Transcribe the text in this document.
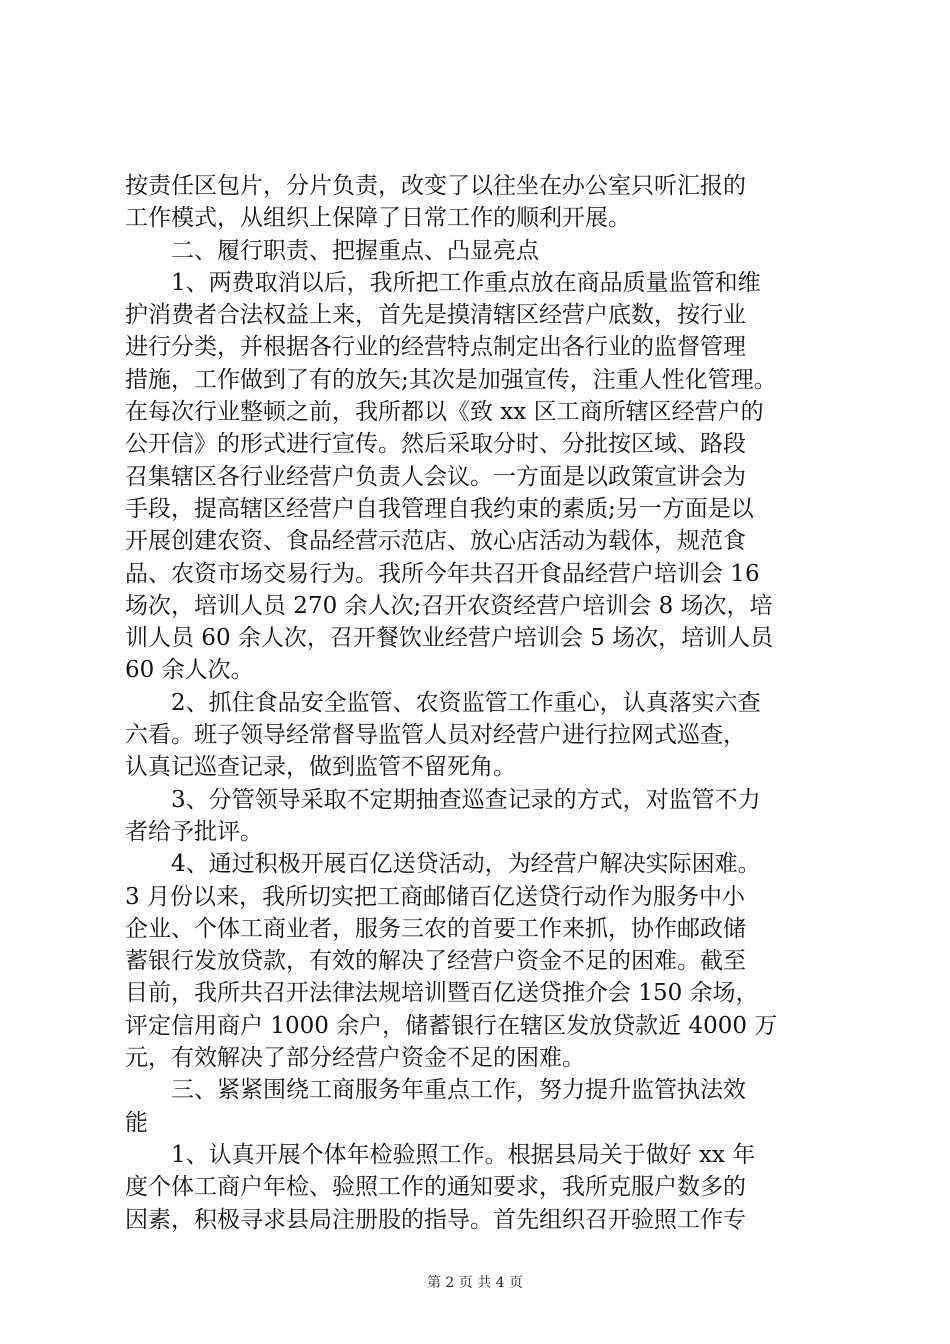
按责任区包片，分片负责，改变了以往坐在办公室只听汇报的
工作模式，从组织上保障了日常工作的顺利开展。
　　二、履行职责、把握重点、凸显亮点
　　1、两费取消以后，我所把工作重点放在商品质量监管和维
护消费者合法权益上来，首先是摸清辖区经营户底数，按行业
进行分类，并根据各行业的经营特点制定出各行业的监督管理
措施，工作做到了有的放矢;其次是加强宣传，注重人性化管理。
在每次行业整顿之前，我所都以《致 xx 区工商所辖区经营户的
公开信》的形式进行宣传。然后采取分时、分批按区域、路段
召集辖区各行业经营户负责人会议。一方面是以政策宣讲会为
手段，提高辖区经营户自我管理自我约束的素质;另一方面是以
开展创建农资、食品经营示范店、放心店活动为载体，规范食
品、农资市场交易行为。我所今年共召开食品经营户培训会 16
场次，培训人员 270 余人次;召开农资经营户培训会 8 场次，培
训人员 60 余人次，召开餐饮业经营户培训会 5 场次，培训人员
60 余人次。
　　2、抓住食品安全监管、农资监管工作重心，认真落实六查
六看。班子领导经常督导监管人员对经营户进行拉网式巡查，
认真记巡查记录，做到监管不留死角。
　　3、分管领导采取不定期抽查巡查记录的方式，对监管不力
者给予批评。
　　4、通过积极开展百亿送贷活动，为经营户解决实际困难。
3 月份以来，我所切实把工商邮储百亿送贷行动作为服务中小
企业、个体工商业者，服务三农的首要工作来抓，协作邮政储
蓄银行发放贷款，有效的解决了经营户资金不足的困难。截至
目前，我所共召开法律法规培训暨百亿送贷推介会 150 余场，
评定信用商户 1000 余户，储蓄银行在辖区发放贷款近 4000 万
元，有效解决了部分经营户资金不足的困难。
　　三、紧紧围绕工商服务年重点工作，努力提升监管执法效
能
　　1、认真开展个体年检验照工作。根据县局关于做好 xx 年
度个体工商户年检、验照工作的通知要求，我所克服户数多的
因素，积极寻求县局注册股的指导。首先组织召开验照工作专
第 2 页 共 4 页
